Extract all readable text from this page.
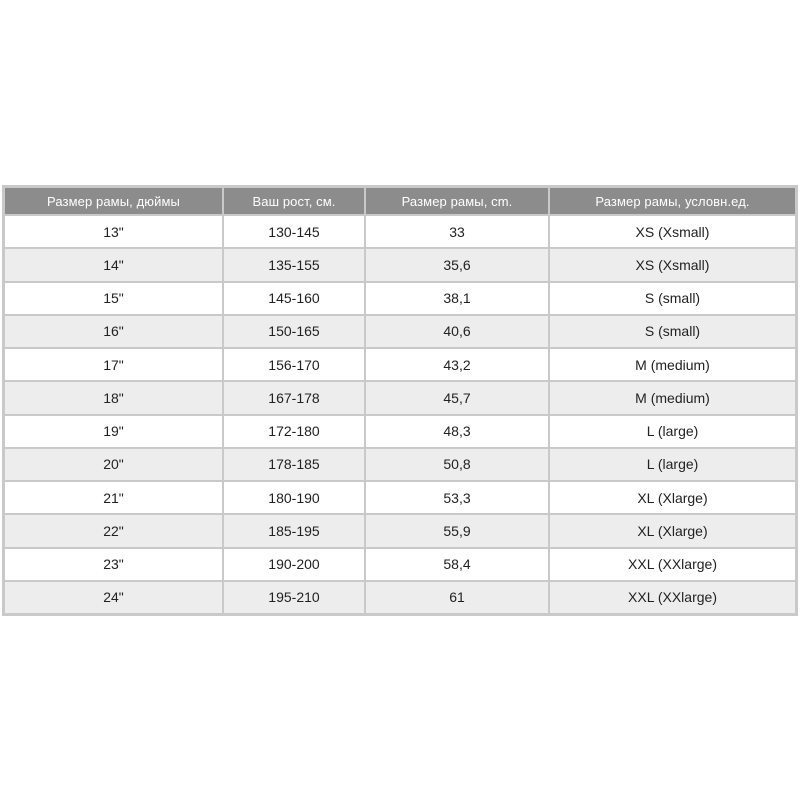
Размер рамы, дюймы	Ваш рост, см.	Размер рамы, cm.	Размер рамы, условн.ед.
13"	130-145	33	XS (Xsmall)
14"	135-155	35,6	XS (Xsmall)
15"	145-160	38,1	S (small)
16"	150-165	40,6	S (small)
17"	156-170	43,2	M (medium)
18"	167-178	45,7	M (medium)
19"	172-180	48,3	L (large)
20"	178-185	50,8	L (large)
21"	180-190	53,3	XL (Xlarge)
22"	185-195	55,9	XL (Xlarge)
23"	190-200	58,4	XXL (XXlarge)
24"	195-210	61	XXL (XXlarge)
